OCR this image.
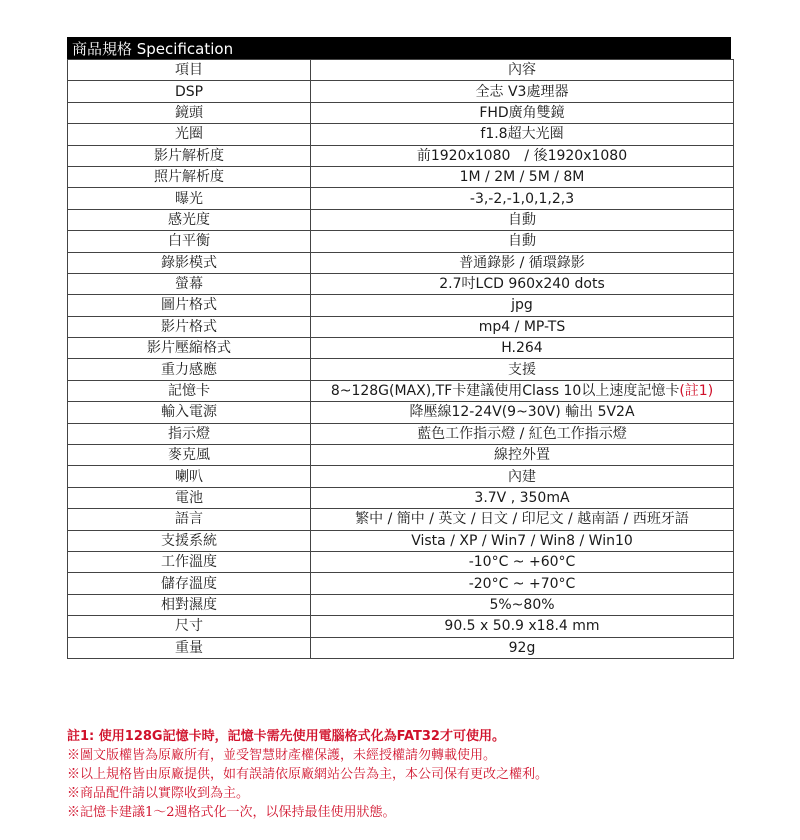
商品規格 Specification
項目	內容
DSP	全志 V3處理器
鏡頭	FHD廣角雙鏡
光圈	f1.8超大光圈
影片解析度	前1920x1080　/ 後1920x1080
照片解析度	1M / 2M / 5M / 8M
曝光	-3,-2,-1,0,1,2,3
感光度	自動
白平衡	自動
錄影模式	普通錄影 / 循環錄影
螢幕	2.7吋LCD 960x240 dots
圖片格式	jpg
影片格式	mp4 / MP-TS
影片壓縮格式	H.264
重力感應	支援
記憶卡	8~128G(MAX),TF卡建議使用Class 10以上速度記憶卡(註1)
輸入電源	降壓線12-24V(9~30V) 輸出 5V2A
指示燈	藍色工作指示燈 / 紅色工作指示燈
麥克風	線控外置
喇叭	內建
電池	3.7V , 350mA
語言	繁中 / 簡中 / 英文 / 日文 / 印尼文 / 越南語 / 西班牙語
支援系統	Vista / XP / Win7 / Win8 / Win10
工作溫度	-10°C ~ +60°C
儲存溫度	-20°C ~ +70°C
相對濕度	5%~80%
尺寸	90.5 x 50.9 x18.4 mm
重量	92g
註1: 使用128G記憶卡時，記憶卡需先使用電腦格式化為FAT32才可使用。
※圖文版權皆為原廠所有，並受智慧財產權保護，未經授權請勿轉載使用。
※以上規格皆由原廠提供，如有誤請依原廠網站公告為主，本公司保有更改之權利。
※商品配件請以實際收到為主。
※記憶卡建議1～2週格式化一次，以保持最佳使用狀態。
